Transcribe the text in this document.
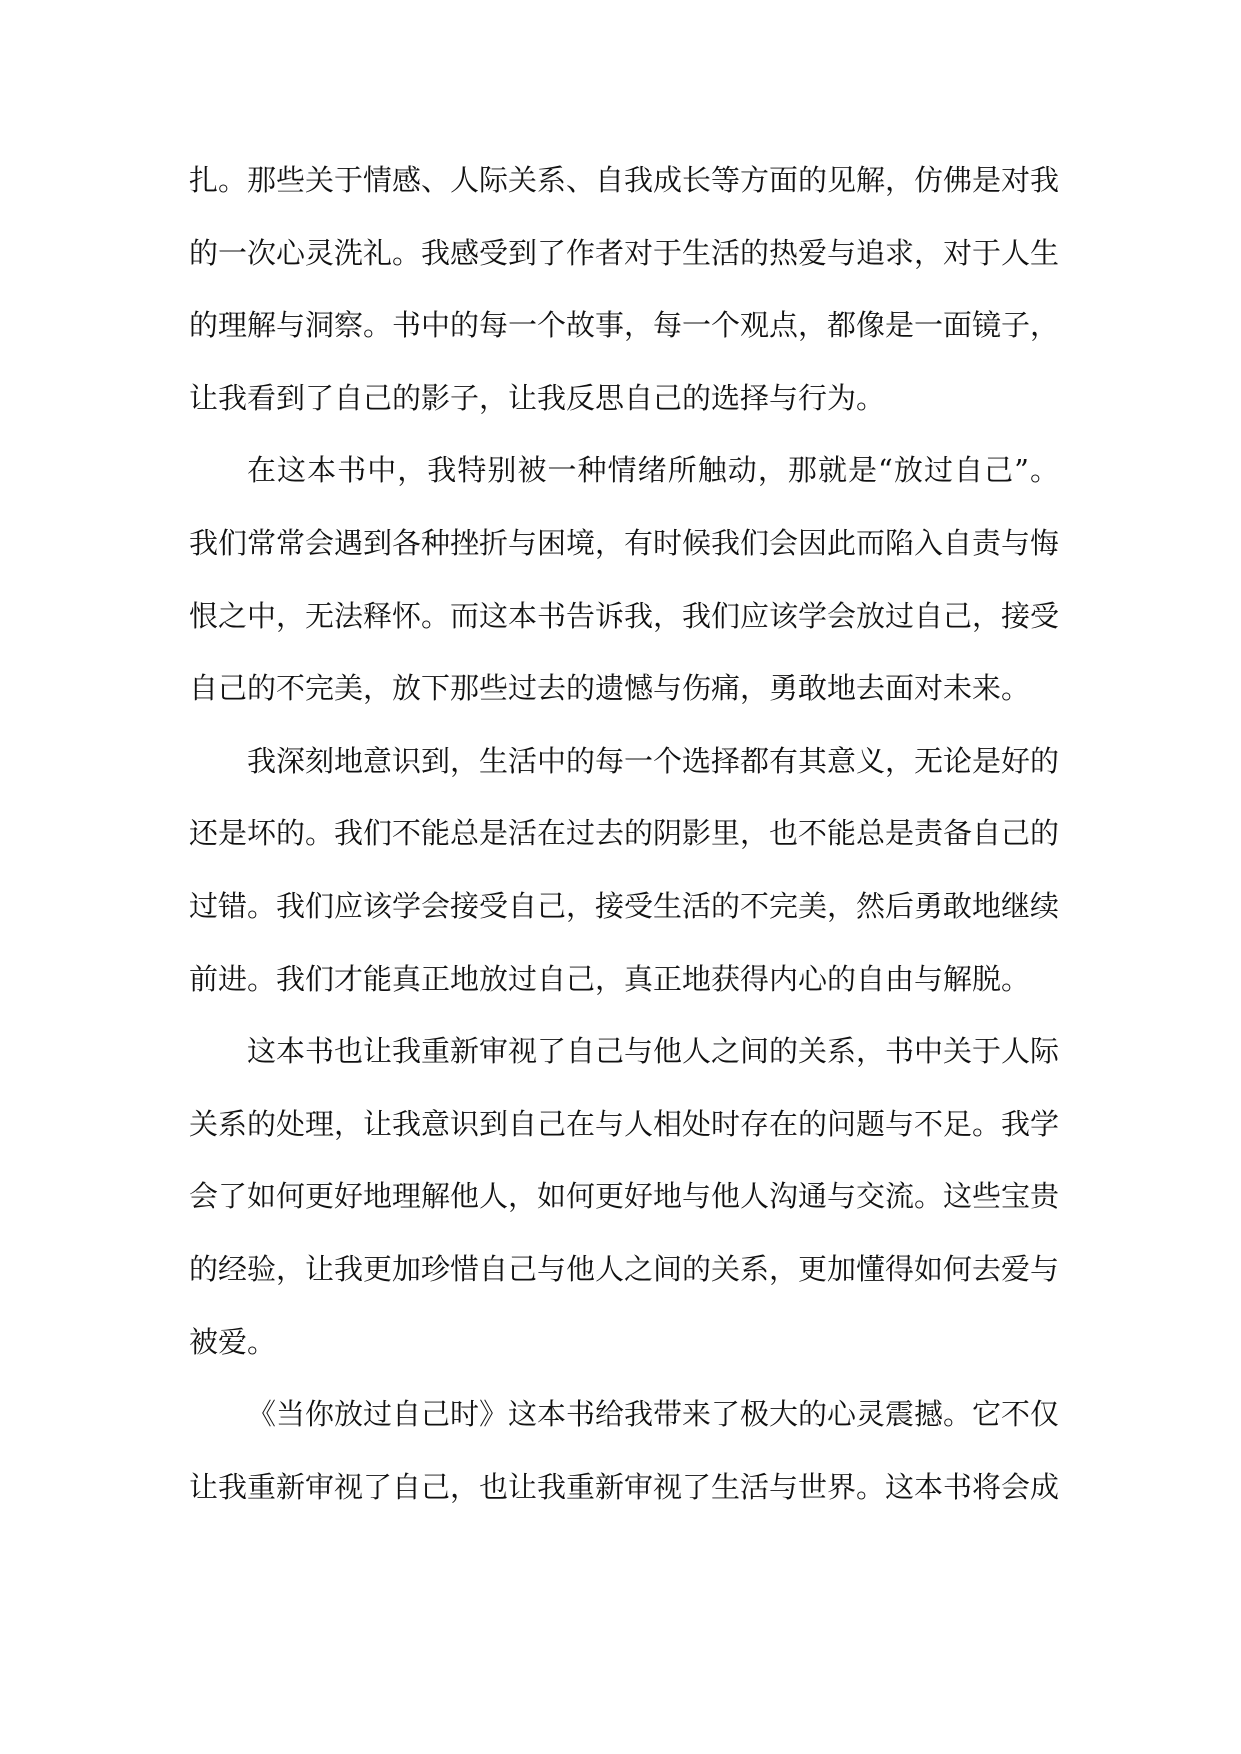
扎。那些关于情感、人际关系、自我成长等方面的见解，仿佛是对我
的一次心灵洗礼。我感受到了作者对于生活的热爱与追求，对于人生
的理解与洞察。书中的每一个故事，每一个观点，都像是一面镜子，
让我看到了自己的影子，让我反思自己的选择与行为。
在这本书中，我特别被一种情绪所触动，那就是“放过自己”。
我们常常会遇到各种挫折与困境，有时候我们会因此而陷入自责与悔
恨之中，无法释怀。而这本书告诉我，我们应该学会放过自己，接受
自己的不完美，放下那些过去的遗憾与伤痛，勇敢地去面对未来。
我深刻地意识到，生活中的每一个选择都有其意义，无论是好的
还是坏的。我们不能总是活在过去的阴影里，也不能总是责备自己的
过错。我们应该学会接受自己，接受生活的不完美，然后勇敢地继续
前进。我们才能真正地放过自己，真正地获得内心的自由与解脱。
这本书也让我重新审视了自己与他人之间的关系，书中关于人际
关系的处理，让我意识到自己在与人相处时存在的问题与不足。我学
会了如何更好地理解他人，如何更好地与他人沟通与交流。这些宝贵
的经验，让我更加珍惜自己与他人之间的关系，更加懂得如何去爱与
被爱。
《当你放过自己时》这本书给我带来了极大的心灵震撼。它不仅
让我重新审视了自己，也让我重新审视了生活与世界。这本书将会成
